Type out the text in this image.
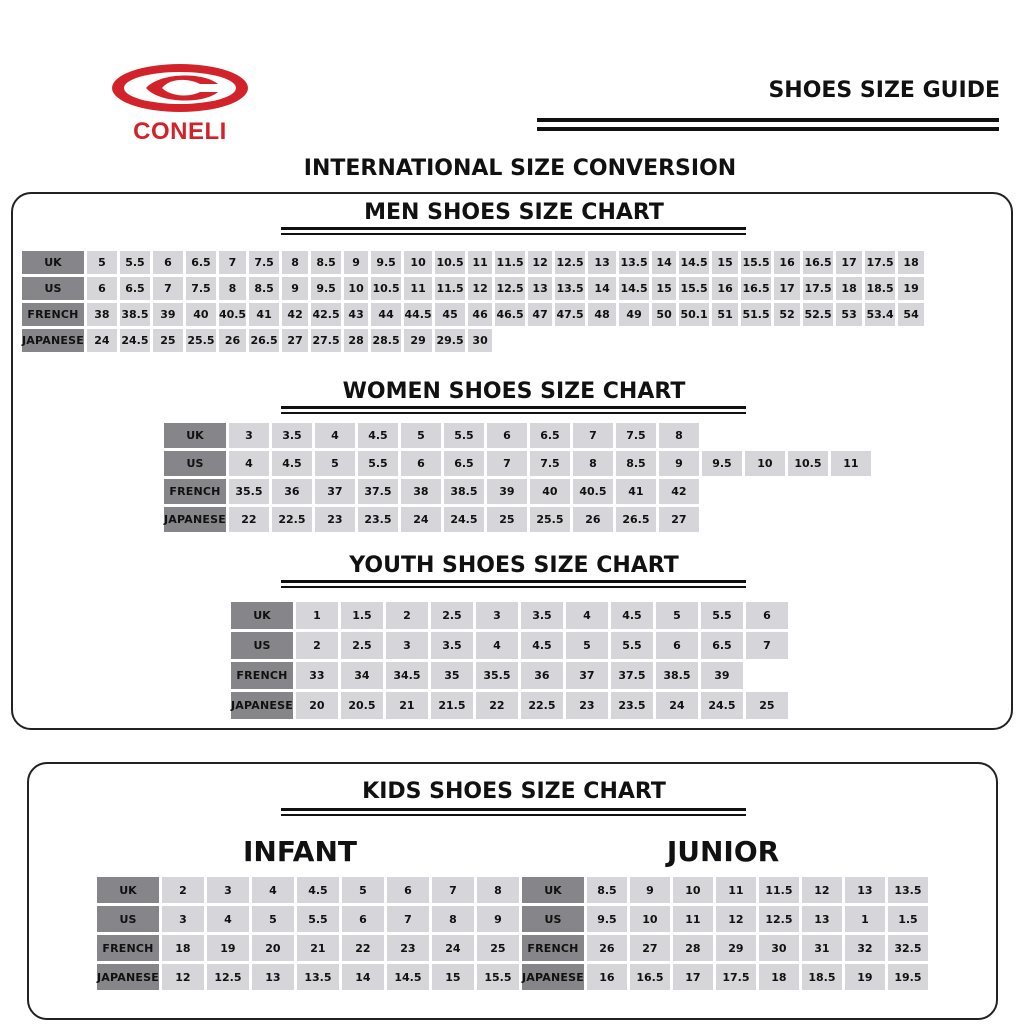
CONELI
SHOES SIZE GUIDE
INTERNATIONAL SIZE CONVERSION
MEN SHOES SIZE CHART
UK	5	5.5	6	6.5	7	7.5	8	8.5	9	9.5	10	10.5	11	11.5	12	12.5	13	13.5	14	14.5	15	15.5	16	16.5	17	17.5	18
US	6	6.5	7	7.5	8	8.5	9	9.5	10	10.5	11	11.5	12	12.5	13	13.5	14	14.5	15	15.5	16	16.5	17	17.5	18	18.5	19
FRENCH	38	38.5	39	40	40.5	41	42	42.5	43	44	44.5	45	46	46.5	47	47.5	48	49	50	50.1	51	51.5	52	52.5	53	53.4	54
JAPANESE	24	24.5	25	25.5	26	26.5	27	27.5	28	28.5	29	29.5	30														
WOMEN SHOES SIZE CHART
UK	3	3.5	4	4.5	5	5.5	6	6.5	7	7.5	8				
US	4	4.5	5	5.5	6	6.5	7	7.5	8	8.5	9	9.5	10	10.5	11
FRENCH	35.5	36	37	37.5	38	38.5	39	40	40.5	41	42				
JAPANESE	22	22.5	23	23.5	24	24.5	25	25.5	26	26.5	27				
YOUTH SHOES SIZE CHART
UK	1	1.5	2	2.5	3	3.5	4	4.5	5	5.5	6
US	2	2.5	3	3.5	4	4.5	5	5.5	6	6.5	7
FRENCH	33	34	34.5	35	35.5	36	37	37.5	38.5	39	
JAPANESE	20	20.5	21	21.5	22	22.5	23	23.5	24	24.5	25
KIDS SHOES SIZE CHART
INFANT	JUNIOR
UK	2	3	4	4.5	5	6	7	8
US	3	4	5	5.5	6	7	8	9
FRENCH	18	19	20	21	22	23	24	25
JAPANESE	12	12.5	13	13.5	14	14.5	15	15.5
UK	8.5	9	10	11	11.5	12	13	13.5
US	9.5	10	11	12	12.5	13	1	1.5
FRENCH	26	27	28	29	30	31	32	32.5
JAPANESE	16	16.5	17	17.5	18	18.5	19	19.5
